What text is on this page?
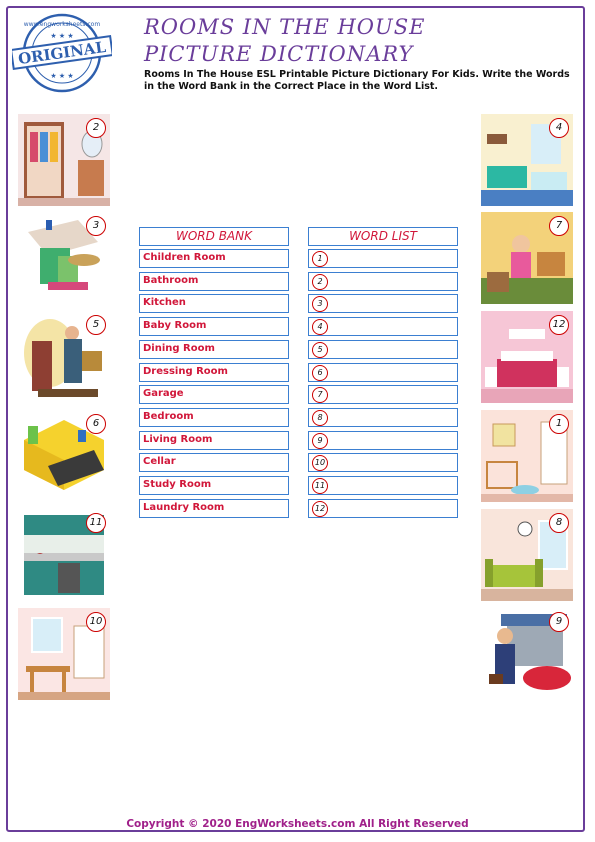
www.engworksheets.com
ORIGINAL
★ ★ ★
★ ★ ★
ROOMS IN THE HOUSE
PICTURE DICTIONARY
Rooms In The House ESL Printable Picture Dictionary For Kids. Write the Words in the Word Bank in the Correct Place in the Word List.
2
3
5
6
11
10
4
7
12
1
8
9
WORD BANK
Children Room
Bathroom
Kitchen
Baby Room
Dining Room
Dressing Room
Garage
Bedroom
Living Room
Cellar
Study Room
Laundry Room
WORD LIST
1
2
3
4
5
6
7
8
9
10
11
12
Copyright © 2020 EngWorksheets.com All Right Reserved
